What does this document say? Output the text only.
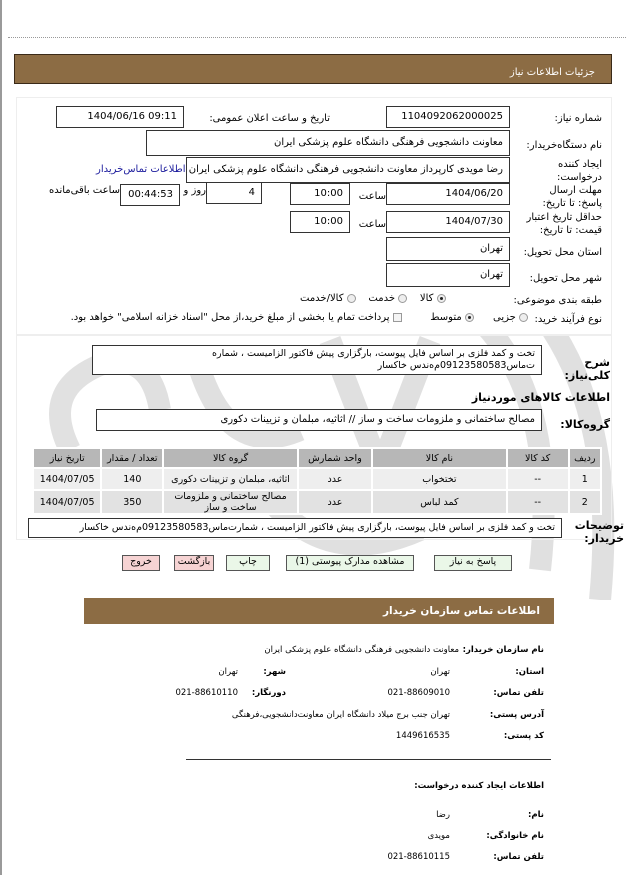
جزئیات اطلاعات نیاز
شماره نیاز:
1104092062000025
تاریخ و ساعت اعلان عمومی:
1404/06/16 09:11
نام دستگاه‌خریدار:
معاونت دانشجویی فرهنگی دانشگاه علوم پزشکی ایران
ایجاد کننده درخواست:
رضا مویدی کارپرداز معاونت دانشجویی فرهنگی دانشگاه علوم پزشکی ایران
اطلاعات تماس‌خریدار
مهلت ارسال پاسخ: تا تاریخ:
1404/06/20
ساعت
10:00
4
روز و
00:44:53
ساعت باقی‌مانده
حداقل تاریخ اعتبار قیمت: تا تاریخ:
1404/07/30
ساعت
10:00
استان محل تحویل:
تهران
شهر محل تحویل:
تهران
طبقه بندی موضوعی:
کالا     خدمت     کالا/خدمت
نوع فرآیند خرید:
جزیی       متوسط          پرداخت تمام یا بخشی از مبلغ خرید،از محل "اسناد خزانه اسلامی" خواهد بود.
شرح کلی‌نیاز:
تخت و کمد فلزی بر اساس فایل پیوست، بارگزاری پیش فاکتور الزامیست ، شماره
ت‌ماس09123580583م‌ه‌ندس خاکسار
اطلاعات کالاهای موردنیاز
گروه‌کالا:
مصالح ساختمانی و ملزومات ساخت و ساز // اثاثیه، مبلمان و تزیینات دکوری
ردیف	کد کالا	نام کالا	واحد شمارش	گروه کالا	تعداد / مقدار	تاریخ نیاز
1	--	تختخواب	عدد	اثاثیه، مبلمان و تزیینات دکوری	140	1404/07/05
2	--	کمد لباس	عدد	مصالح ساختمانی و ملزومات ساخت و ساز	350	1404/07/05
توضیحات خریدار:
تخت و کمد فلزی بر اساس فایل پیوست، بارگزاری پیش فاکتور الزامیست ، شمارت‌ماس09123580583م‌ه‌ندس خاکسار
پاسخ به نیاز
مشاهده مدارک پیوستی (1)
چاپ
بازگشت
خروج
اطلاعات تماس سازمان خریدار
نام سازمان خریدار:
معاونت دانشجویی فرهنگی دانشگاه علوم پزشکی ایران
استان:
تهران
شهر:
تهران
تلفن تماس:
021-88609010
دورنگار:
021-88610110
آدرس پستی:
تهران جنب برج میلاد دانشگاه ایران معاونت‌دانشجویی،فرهنگی
کد پستی:
1449616535
اطلاعات ایجاد کننده درخواست:
نام:
رضا
نام خانوادگی:
مویدی
تلفن تماس:
021-88610115
